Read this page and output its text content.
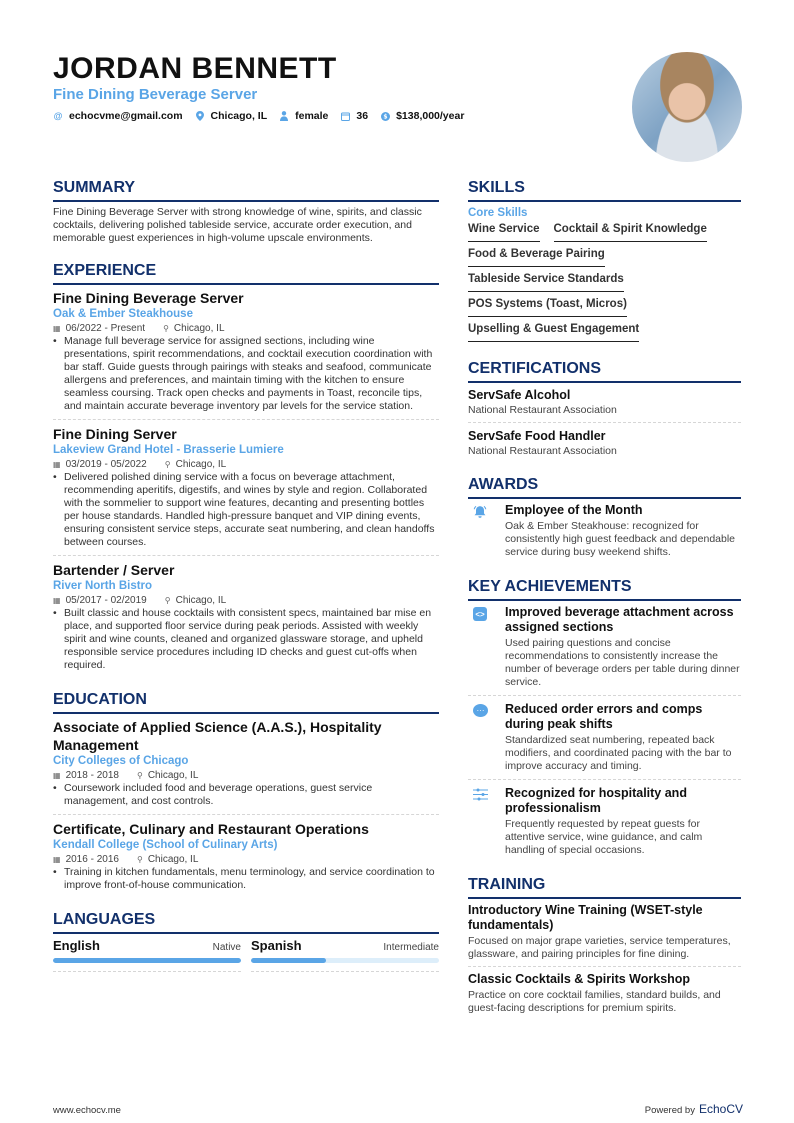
JORDAN BENNETT
Fine Dining Beverage Server
@ echocvme@gmail.com	Chicago, IL	female	36 $ $138,000/year
SUMMARY
Fine Dining Beverage Server with strong knowledge of wine, spirits, and classic cocktails, delivering polished tableside service, accurate order execution, and memorable guest experiences in high-volume upscale environments.
EXPERIENCE
Fine Dining Beverage Server
Oak & Ember Steakhouse
▦ 06/2022 - Present ⚲ Chicago, IL
• Manage full beverage service for assigned sections, including wine presentations, spirit recommendations, and cocktail execution coordination with bar staff. Guide guests through pairings with steaks and seafood, communicate allergens and preferences, and maintain timing with the kitchen to ensure seamless coursing. Track open checks and payments in Toast, reconcile tips, and maintain accurate beverage inventory par levels for the service station.
Fine Dining Server
Lakeview Grand Hotel - Brasserie Lumiere
▦ 03/2019 - 05/2022 ⚲ Chicago, IL
• Delivered polished dining service with a focus on beverage attachment, recommending aperitifs, digestifs, and wines by style and region. Collaborated with the sommelier to support wine features, decanting and presenting bottles per house standards. Handled high-pressure banquet and VIP dining events, ensuring consistent service steps, accurate seat numbering, and clean handoffs between courses.
Bartender / Server
River North Bistro
▦ 05/2017 - 02/2019 ⚲ Chicago, IL
• Built classic and house cocktails with consistent specs, maintained bar mise en place, and supported floor service during peak periods. Assisted with weekly spirit and wine counts, cleaned and organized glassware storage, and upheld responsible service procedures including ID checks and guest cut-offs when required.
EDUCATION
Associate of Applied Science (A.A.S.), Hospitality Management
City Colleges of Chicago
▦ 2018 - 2018 ⚲ Chicago, IL
• Coursework included food and beverage operations, guest service management, and cost controls.
Certificate, Culinary and Restaurant Operations
Kendall College (School of Culinary Arts)
▦ 2016 - 2016 ⚲ Chicago, IL
• Training in kitchen fundamentals, menu terminology, and service coordination to improve front-of-house communication.
LANGUAGES
English	Native Spanish	Intermediate
SKILLS
Core Skills
Wine Service Cocktail & Spirit Knowledge
Food & Beverage Pairing
Tableside Service Standards
POS Systems (Toast, Micros)
Upselling & Guest Engagement
CERTIFICATIONS
ServSafe Alcohol
National Restaurant Association
ServSafe Food Handler
National Restaurant Association
AWARDS
Employee of the Month
Oak & Ember Steakhouse: recognized for consistently high guest feedback and dependable service during busy weekend shifts.
KEY ACHIEVEMENTS
<> Improved beverage attachment across assigned sections
Used pairing questions and concise recommendations to consistently increase the number of beverage orders per table during dinner service.
··· Reduced order errors and comps during peak shifts
Standardized seat numbering, repeated back modifiers, and coordinated pacing with the bar to improve accuracy and timing.
Recognized for hospitality and professionalism
Frequently requested by repeat guests for attentive service, wine guidance, and calm handling of special occasions.
TRAINING
Introductory Wine Training (WSET-style fundamentals)
Focused on major grape varieties, service temperatures, glassware, and pairing principles for fine dining.
Classic Cocktails & Spirits Workshop
Practice on core cocktail families, standard builds, and guest-facing descriptions for premium spirits.
www.echocv.me	Powered by EchoCV
